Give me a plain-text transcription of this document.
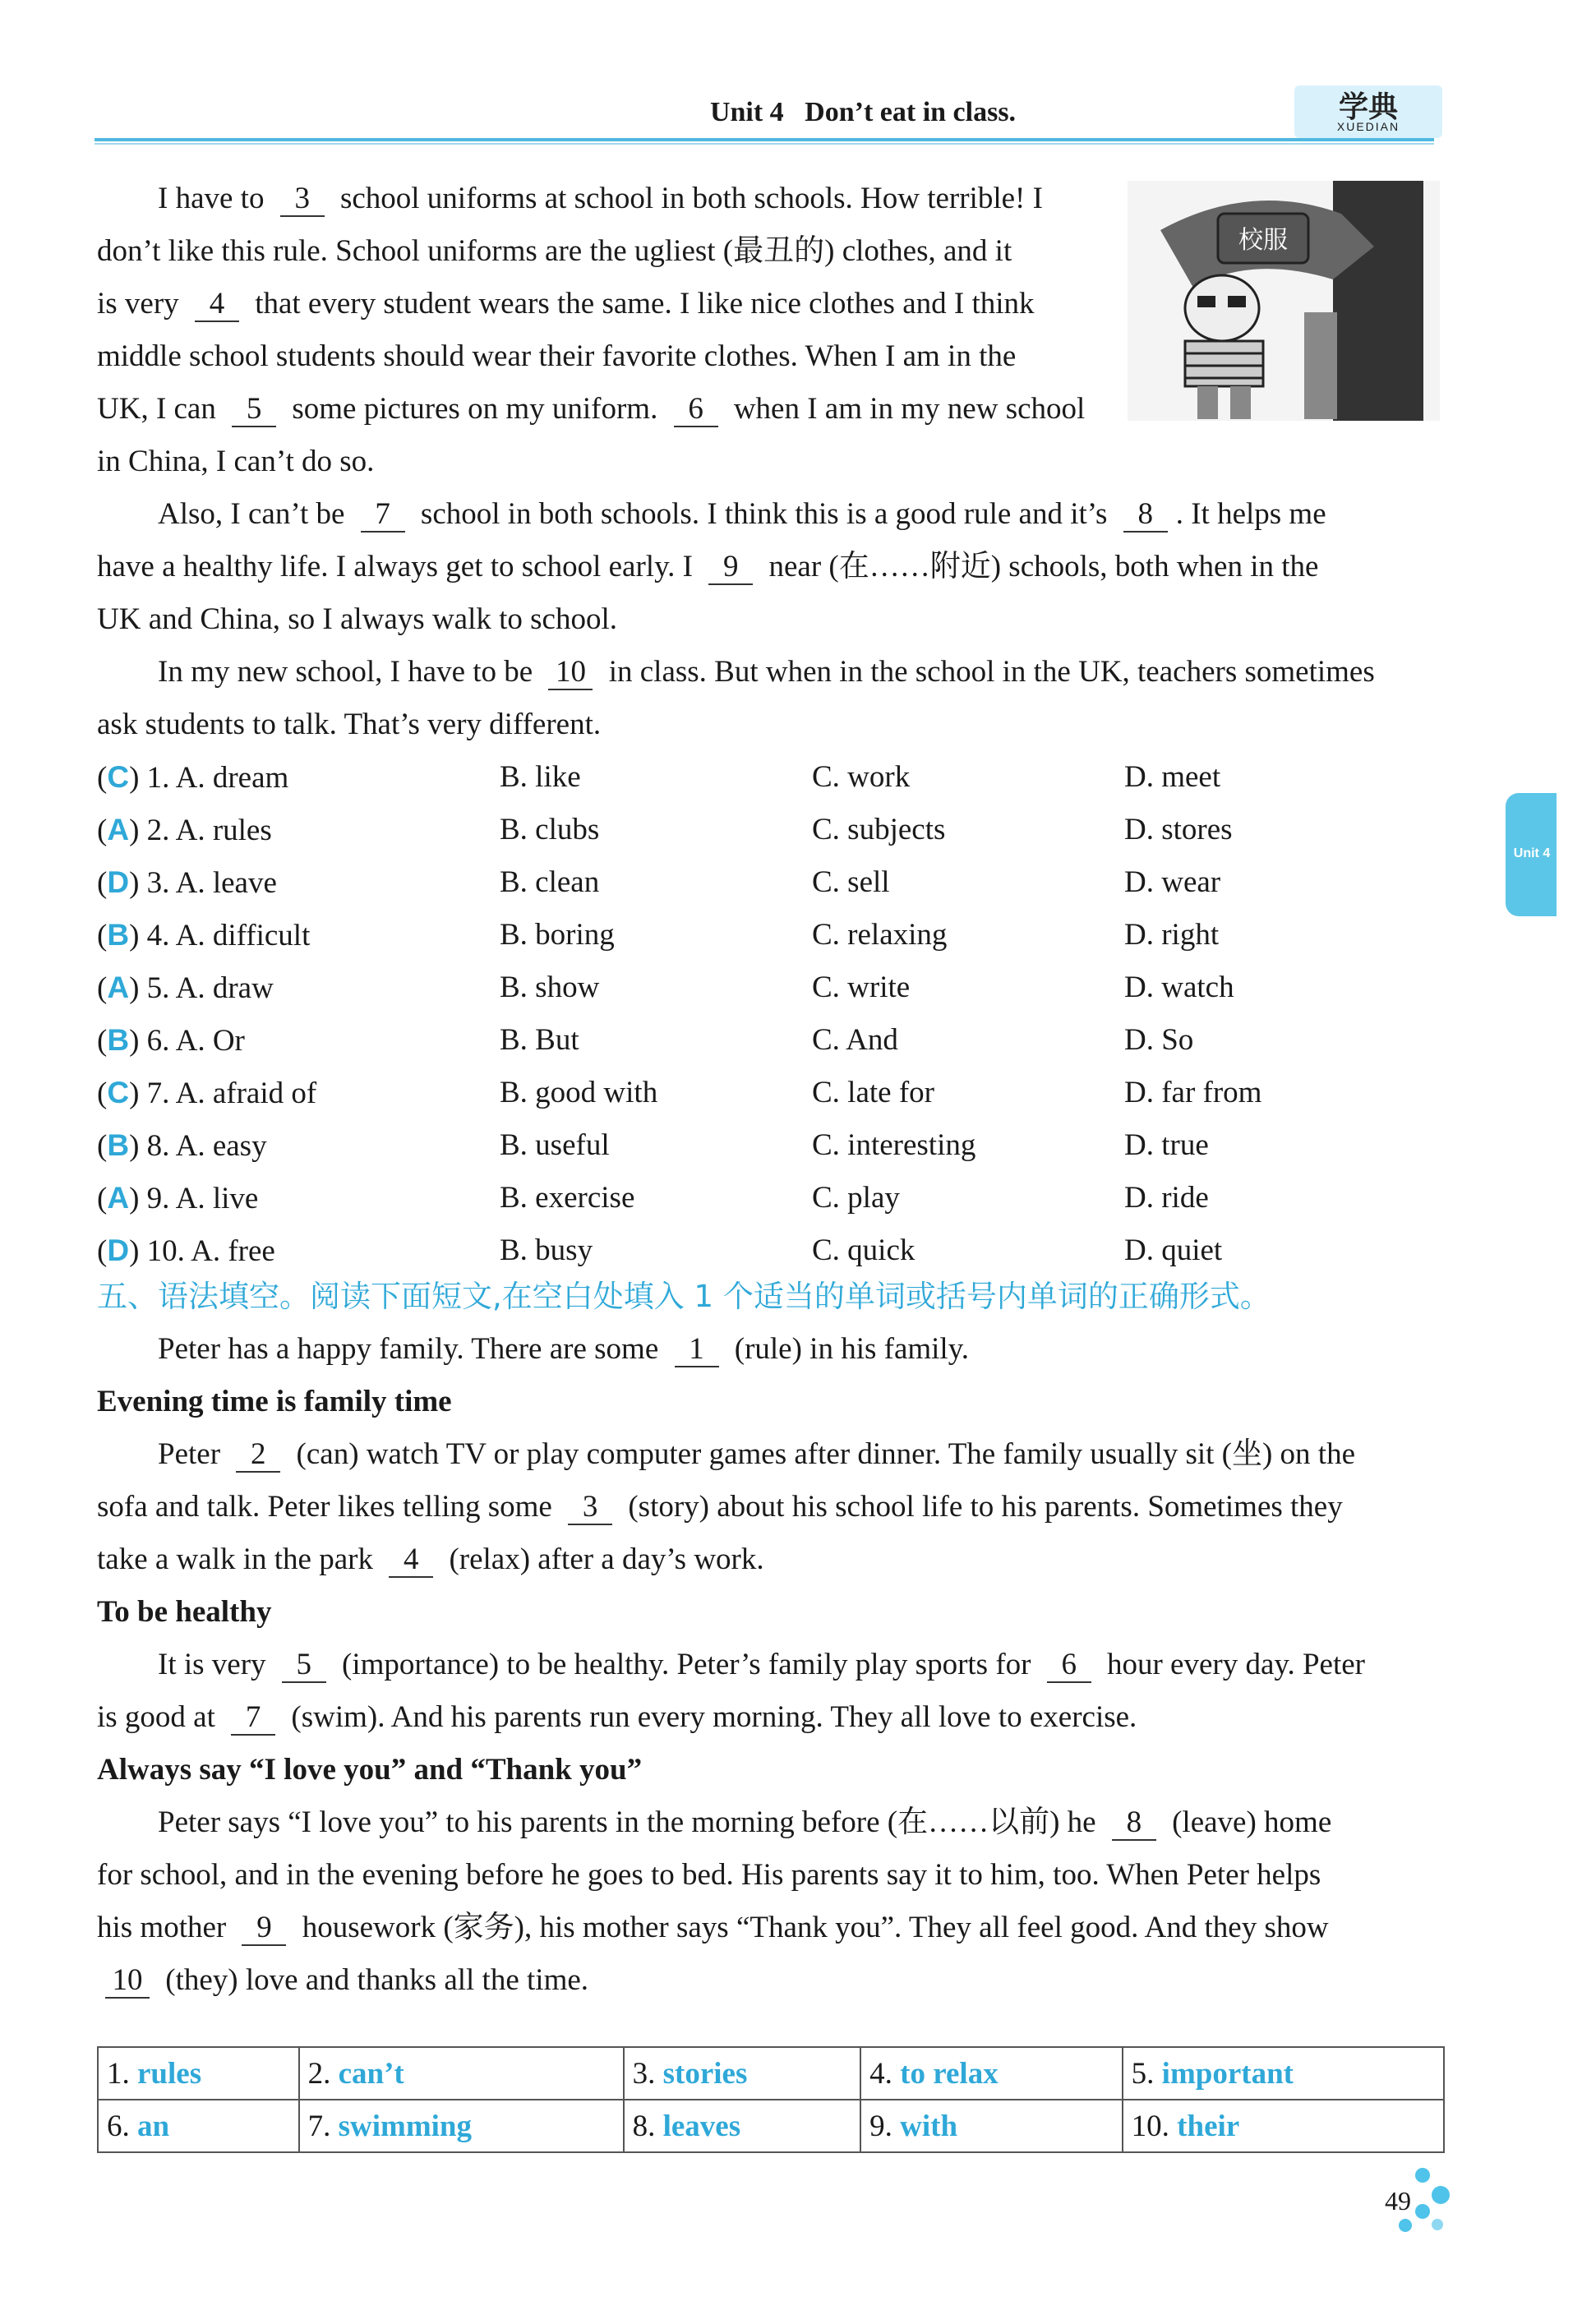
学典
XUEDIAN
Unit 4   Don’t eat in class.
校服
I have to 3 school uniforms at school in both schools. How terrible! I
don’t like this rule. School uniforms are the ugliest (最丑的) clothes, and it
is very 4 that every student wears the same. I like nice clothes and I think
middle school students should wear their favorite clothes. When I am in the
UK, I can 5 some pictures on my uniform. 6 when I am in my new school
in China, I can’t do so.
Also, I can’t be 7 school in both schools. I think this is a good rule and it’s 8 . It helps me
have a healthy life. I always get to school early. I 9 near (在……附近) schools, both when in the
UK and China, so I always walk to school.
In my new school, I have to be 10 in class. But when in the school in the UK, teachers sometimes
ask students to talk. That’s very different.
(C) 1. A. dream	B. like	C. work	D. meet
(A) 2. A. rules	B. clubs	C. subjects	D. stores
(D) 3. A. leave	B. clean	C. sell	D. wear
(B) 4. A. difficult	B. boring	C. relaxing	D. right
(A) 5. A. draw	B. show	C. write	D. watch
(B) 6. A. Or	B. But	C. And	D. So
(C) 7. A. afraid of	B. good with	C. late for	D. far from
(B) 8. A. easy	B. useful	C. interesting	D. true
(A) 9. A. live	B. exercise	C. play	D. ride
(D) 10. A. free	B. busy	C. quick	D. quiet
五、语法填空。阅读下面短文,在空白处填入 1 个适当的单词或括号内单词的正确形式。
Peter has a happy family. There are some 1 (rule) in his family.
Evening time is family time
Peter 2 (can) watch TV or play computer games after dinner. The family usually sit (坐) on the
sofa and talk. Peter likes telling some 3 (story) about his school life to his parents. Sometimes they
take a walk in the park 4 (relax) after a day’s work.
To be healthy
It is very 5 (importance) to be healthy. Peter’s family play sports for 6 hour every day. Peter
is good at 7 (swim). And his parents run every morning. They all love to exercise.
Always say “I love you” and “Thank you”
Peter says “I love you” to his parents in the morning before (在……以前) he 8 (leave) home
for school, and in the evening before he goes to bed. His parents say it to him, too. When Peter helps
his mother 9 housework (家务), his mother says “Thank you”. They all feel good. And they show
10 (they) love and thanks all the time.
1. rules	2. can’t	3. stories	4. to relax	5. important
6. an	7. swimming	8. leaves	9. with	10. their
Unit 4
49
